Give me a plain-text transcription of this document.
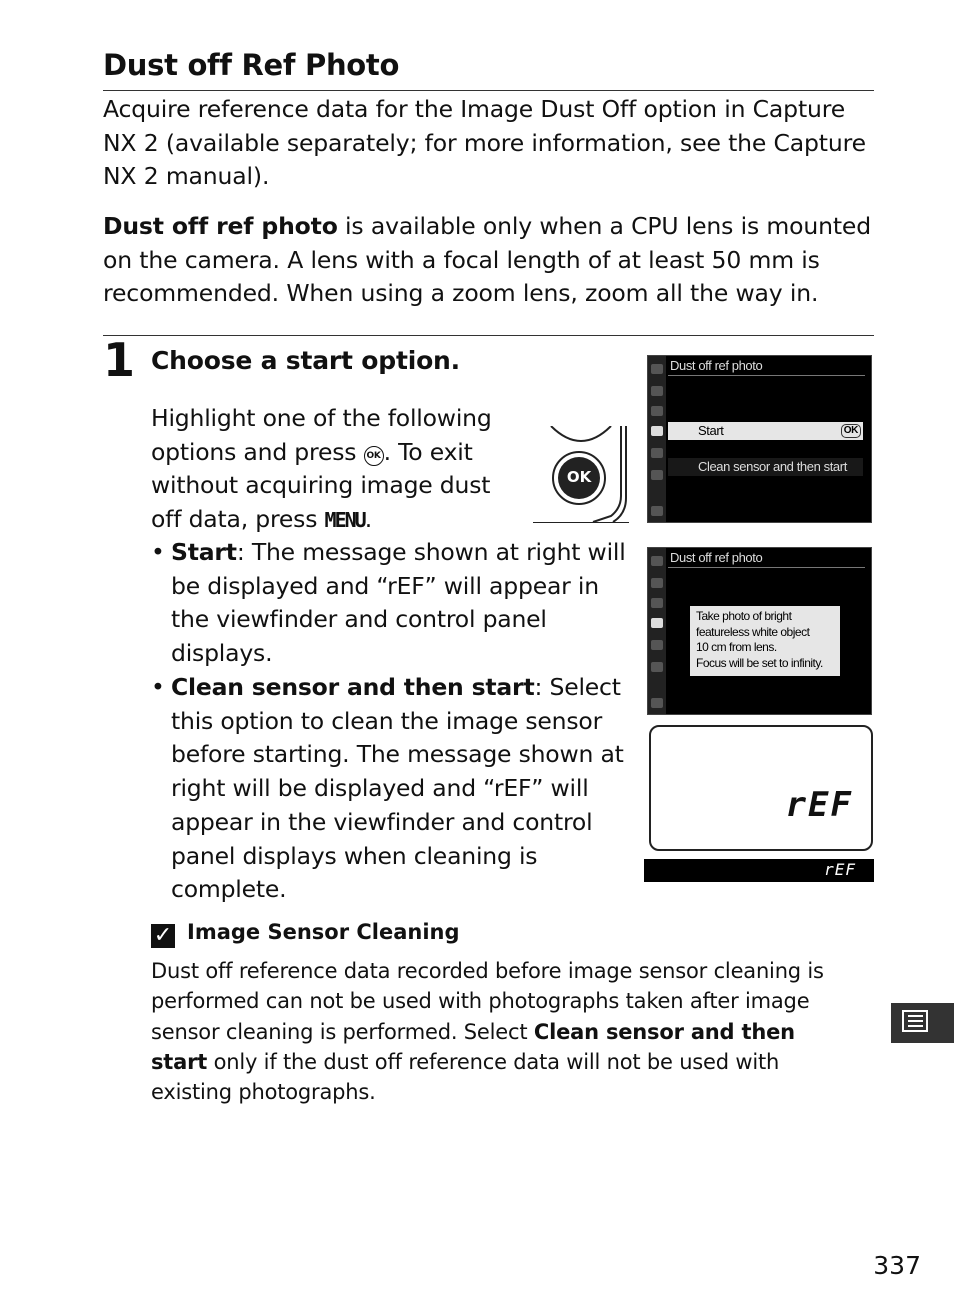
Dust off Ref Photo
Acquire reference data for the Image Dust Off option in Capture NX 2 (available separately; for more information, see the Capture NX 2 manual).
Dust off ref photo is available only when a CPU lens is mounted on the camera. A lens with a focal length of at least 50 mm is recommended. When using a zoom lens, zoom all the way in.
1 Choose a start option.
Highlight one of the following options and press OK . To exit without acquiring image dust off data, press MENU.
OK
• Start: The message shown at right will be displayed and “rEF” will appear in the viewfinder and control panel displays.
• Clean sensor and then start: Select this option to clean the image sensor before starting. The message shown at right will be displayed and “rEF” will appear in the viewfinder and control panel displays when cleaning is complete.
Dust off ref photo
Start	OK
Clean sensor and then start
Dust off ref photo
Take photo of bright
featureless white object
10 cm from lens.
Focus will be set to infinity.
rEF
rEF
✓ Image Sensor Cleaning
Dust off reference data recorded before image sensor cleaning is performed can not be used with photographs taken after image sensor cleaning is performed. Select Clean sensor and then start only if the dust off reference data will not be used with existing photographs.
337
